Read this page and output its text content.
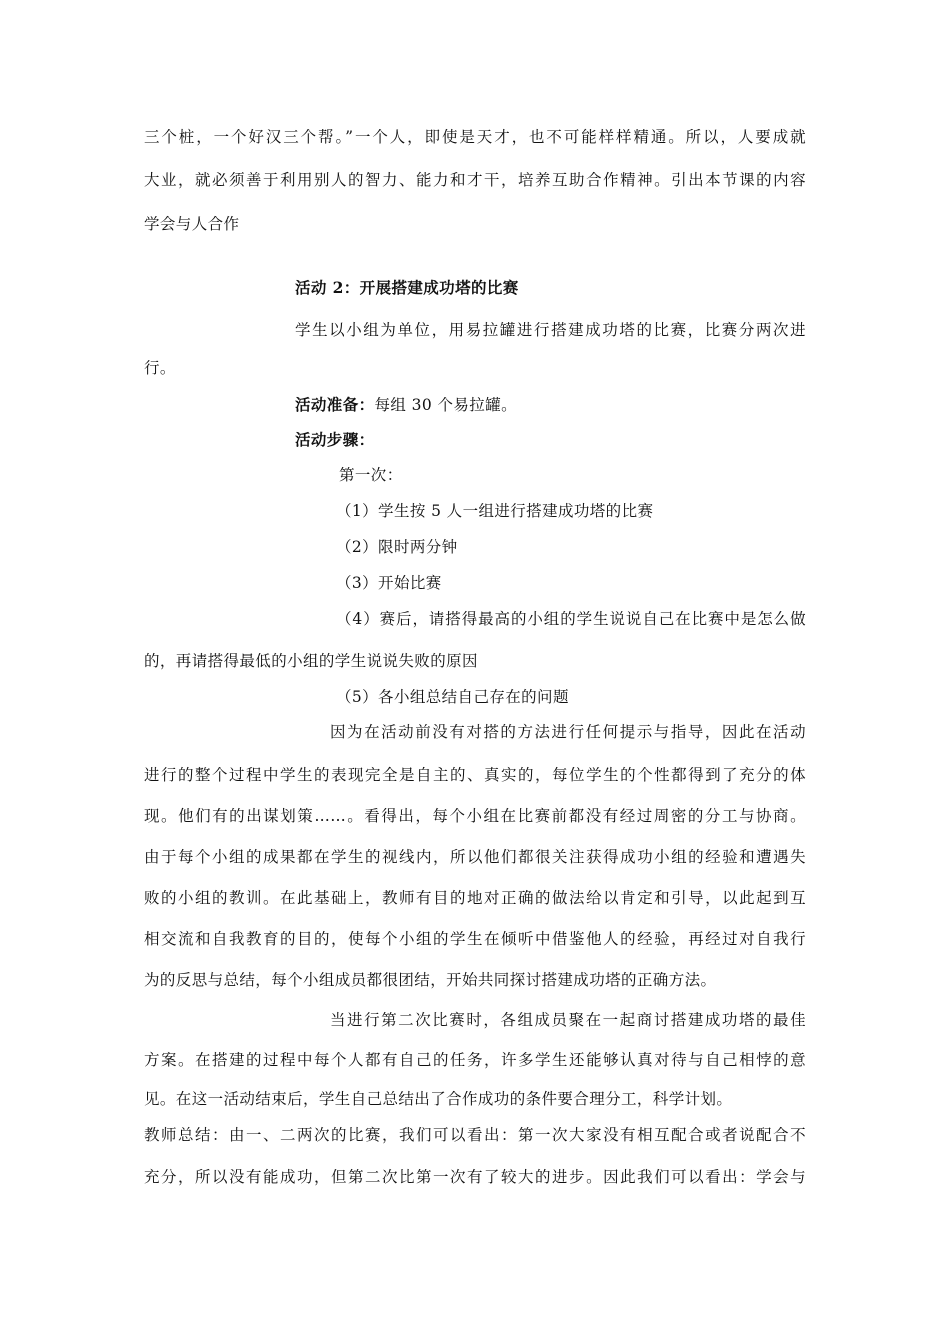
三个桩，一个好汉三个帮。”一个人，即使是天才，也不可能样样精通。所以，人要成就
大业，就必须善于利用别人的智力、能力和才干，培养互助合作精神。引出本节课的内容
学会与人合作
活动 2：开展搭建成功塔的比赛
学生以小组为单位，用易拉罐进行搭建成功塔的比赛，比赛分两次进
行。
活动准备：每组 30 个易拉罐。
活动步骤：
第一次：
（1）学生按 5 人一组进行搭建成功塔的比赛
（2）限时两分钟
（3）开始比赛
（4）赛后，请搭得最高的小组的学生说说自己在比赛中是怎么做
的，再请搭得最低的小组的学生说说失败的原因
（5）各小组总结自己存在的问题
因为在活动前没有对搭的方法进行任何提示与指导，因此在活动
进行的整个过程中学生的表现完全是自主的、真实的，每位学生的个性都得到了充分的体
现。他们有的出谋划策……。看得出，每个小组在比赛前都没有经过周密的分工与协商。
由于每个小组的成果都在学生的视线内，所以他们都很关注获得成功小组的经验和遭遇失
败的小组的教训。在此基础上，教师有目的地对正确的做法给以肯定和引导，以此起到互
相交流和自我教育的目的，使每个小组的学生在倾听中借鉴他人的经验，再经过对自我行
为的反思与总结，每个小组成员都很团结，开始共同探讨搭建成功塔的正确方法。
当进行第二次比赛时，各组成员聚在一起商讨搭建成功塔的最佳
方案。在搭建的过程中每个人都有自己的任务，许多学生还能够认真对待与自己相悖的意
见。在这一活动结束后，学生自己总结出了合作成功的条件要合理分工，科学计划。
教师总结：由一、二两次的比赛，我们可以看出：第一次大家没有相互配合或者说配合不
充分，所以没有能成功，但第二次比第一次有了较大的进步。因此我们可以看出：学会与
